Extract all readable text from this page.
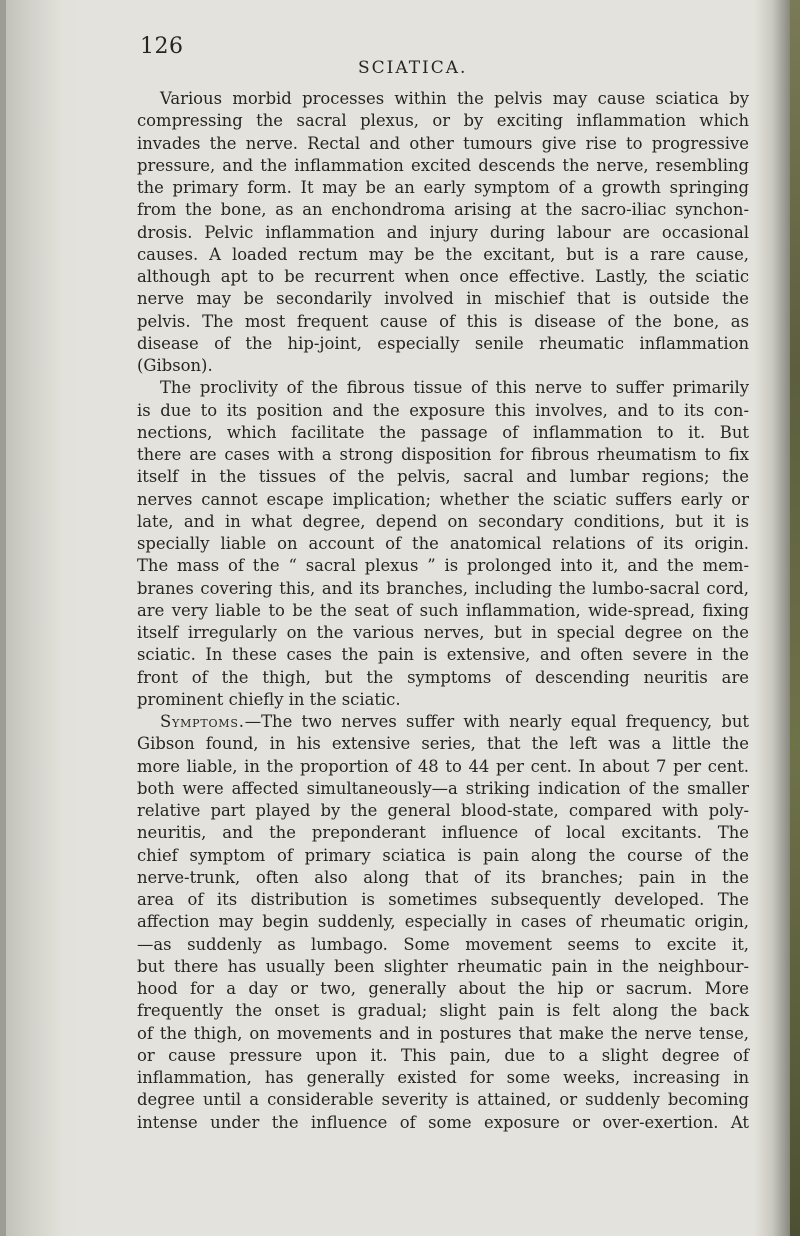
126
SCIATICA.
Various morbid processes within the pelvis may cause sciatica by
compressing the sacral plexus, or by exciting inflammation which
invades the nerve. Rectal and other tumours give rise to progressive
pressure, and the inflammation excited descends the nerve, resembling
the primary form. It may be an early symptom of a growth springing
from the bone, as an enchondroma arising at the sacro-iliac synchon-
drosis. Pelvic inflammation and injury during labour are occasional
causes. A loaded rectum may be the excitant, but is a rare cause,
although apt to be recurrent when once effective. Lastly, the sciatic
nerve may be secondarily involved in mischief that is outside the
pelvis. The most frequent cause of this is disease of the bone, as
disease of the hip-joint, especially senile rheumatic inflammation
(Gibson).
The proclivity of the fibrous tissue of this nerve to suffer primarily
is due to its position and the exposure this involves, and to its con-
nections, which facilitate the passage of inflammation to it. But
there are cases with a strong disposition for fibrous rheumatism to fix
itself in the tissues of the pelvis, sacral and lumbar regions; the
nerves cannot escape implication; whether the sciatic suffers early or
late, and in what degree, depend on secondary conditions, but it is
specially liable on account of the anatomical relations of its origin.
The mass of the “ sacral plexus ” is prolonged into it, and the mem-
branes covering this, and its branches, including the lumbo-sacral cord,
are very liable to be the seat of such inflammation, wide-spread, fixing
itself irregularly on the various nerves, but in special degree on the
sciatic. In these cases the pain is extensive, and often severe in the
front of the thigh, but the symptoms of descending neuritis are
prominent chiefly in the sciatic.
Symptoms.—The two nerves suffer with nearly equal frequency, but
Gibson found, in his extensive series, that the left was a little the
more liable, in the proportion of 48 to 44 per cent. In about 7 per cent.
both were affected simultaneously—a striking indication of the smaller
relative part played by the general blood-state, compared with poly-
neuritis, and the preponderant influence of local excitants. The
chief symptom of primary sciatica is pain along the course of the
nerve-trunk, often also along that of its branches; pain in the
area of its distribution is sometimes subsequently developed. The
affection may begin suddenly, especially in cases of rheumatic origin,
—as suddenly as lumbago. Some movement seems to excite it,
but there has usually been slighter rheumatic pain in the neighbour-
hood for a day or two, generally about the hip or sacrum. More
frequently the onset is gradual; slight pain is felt along the back
of the thigh, on movements and in postures that make the nerve tense,
or cause pressure upon it. This pain, due to a slight degree of
inflammation, has generally existed for some weeks, increasing in
degree until a considerable severity is attained, or suddenly becoming
intense under the influence of some exposure or over-exertion. At
